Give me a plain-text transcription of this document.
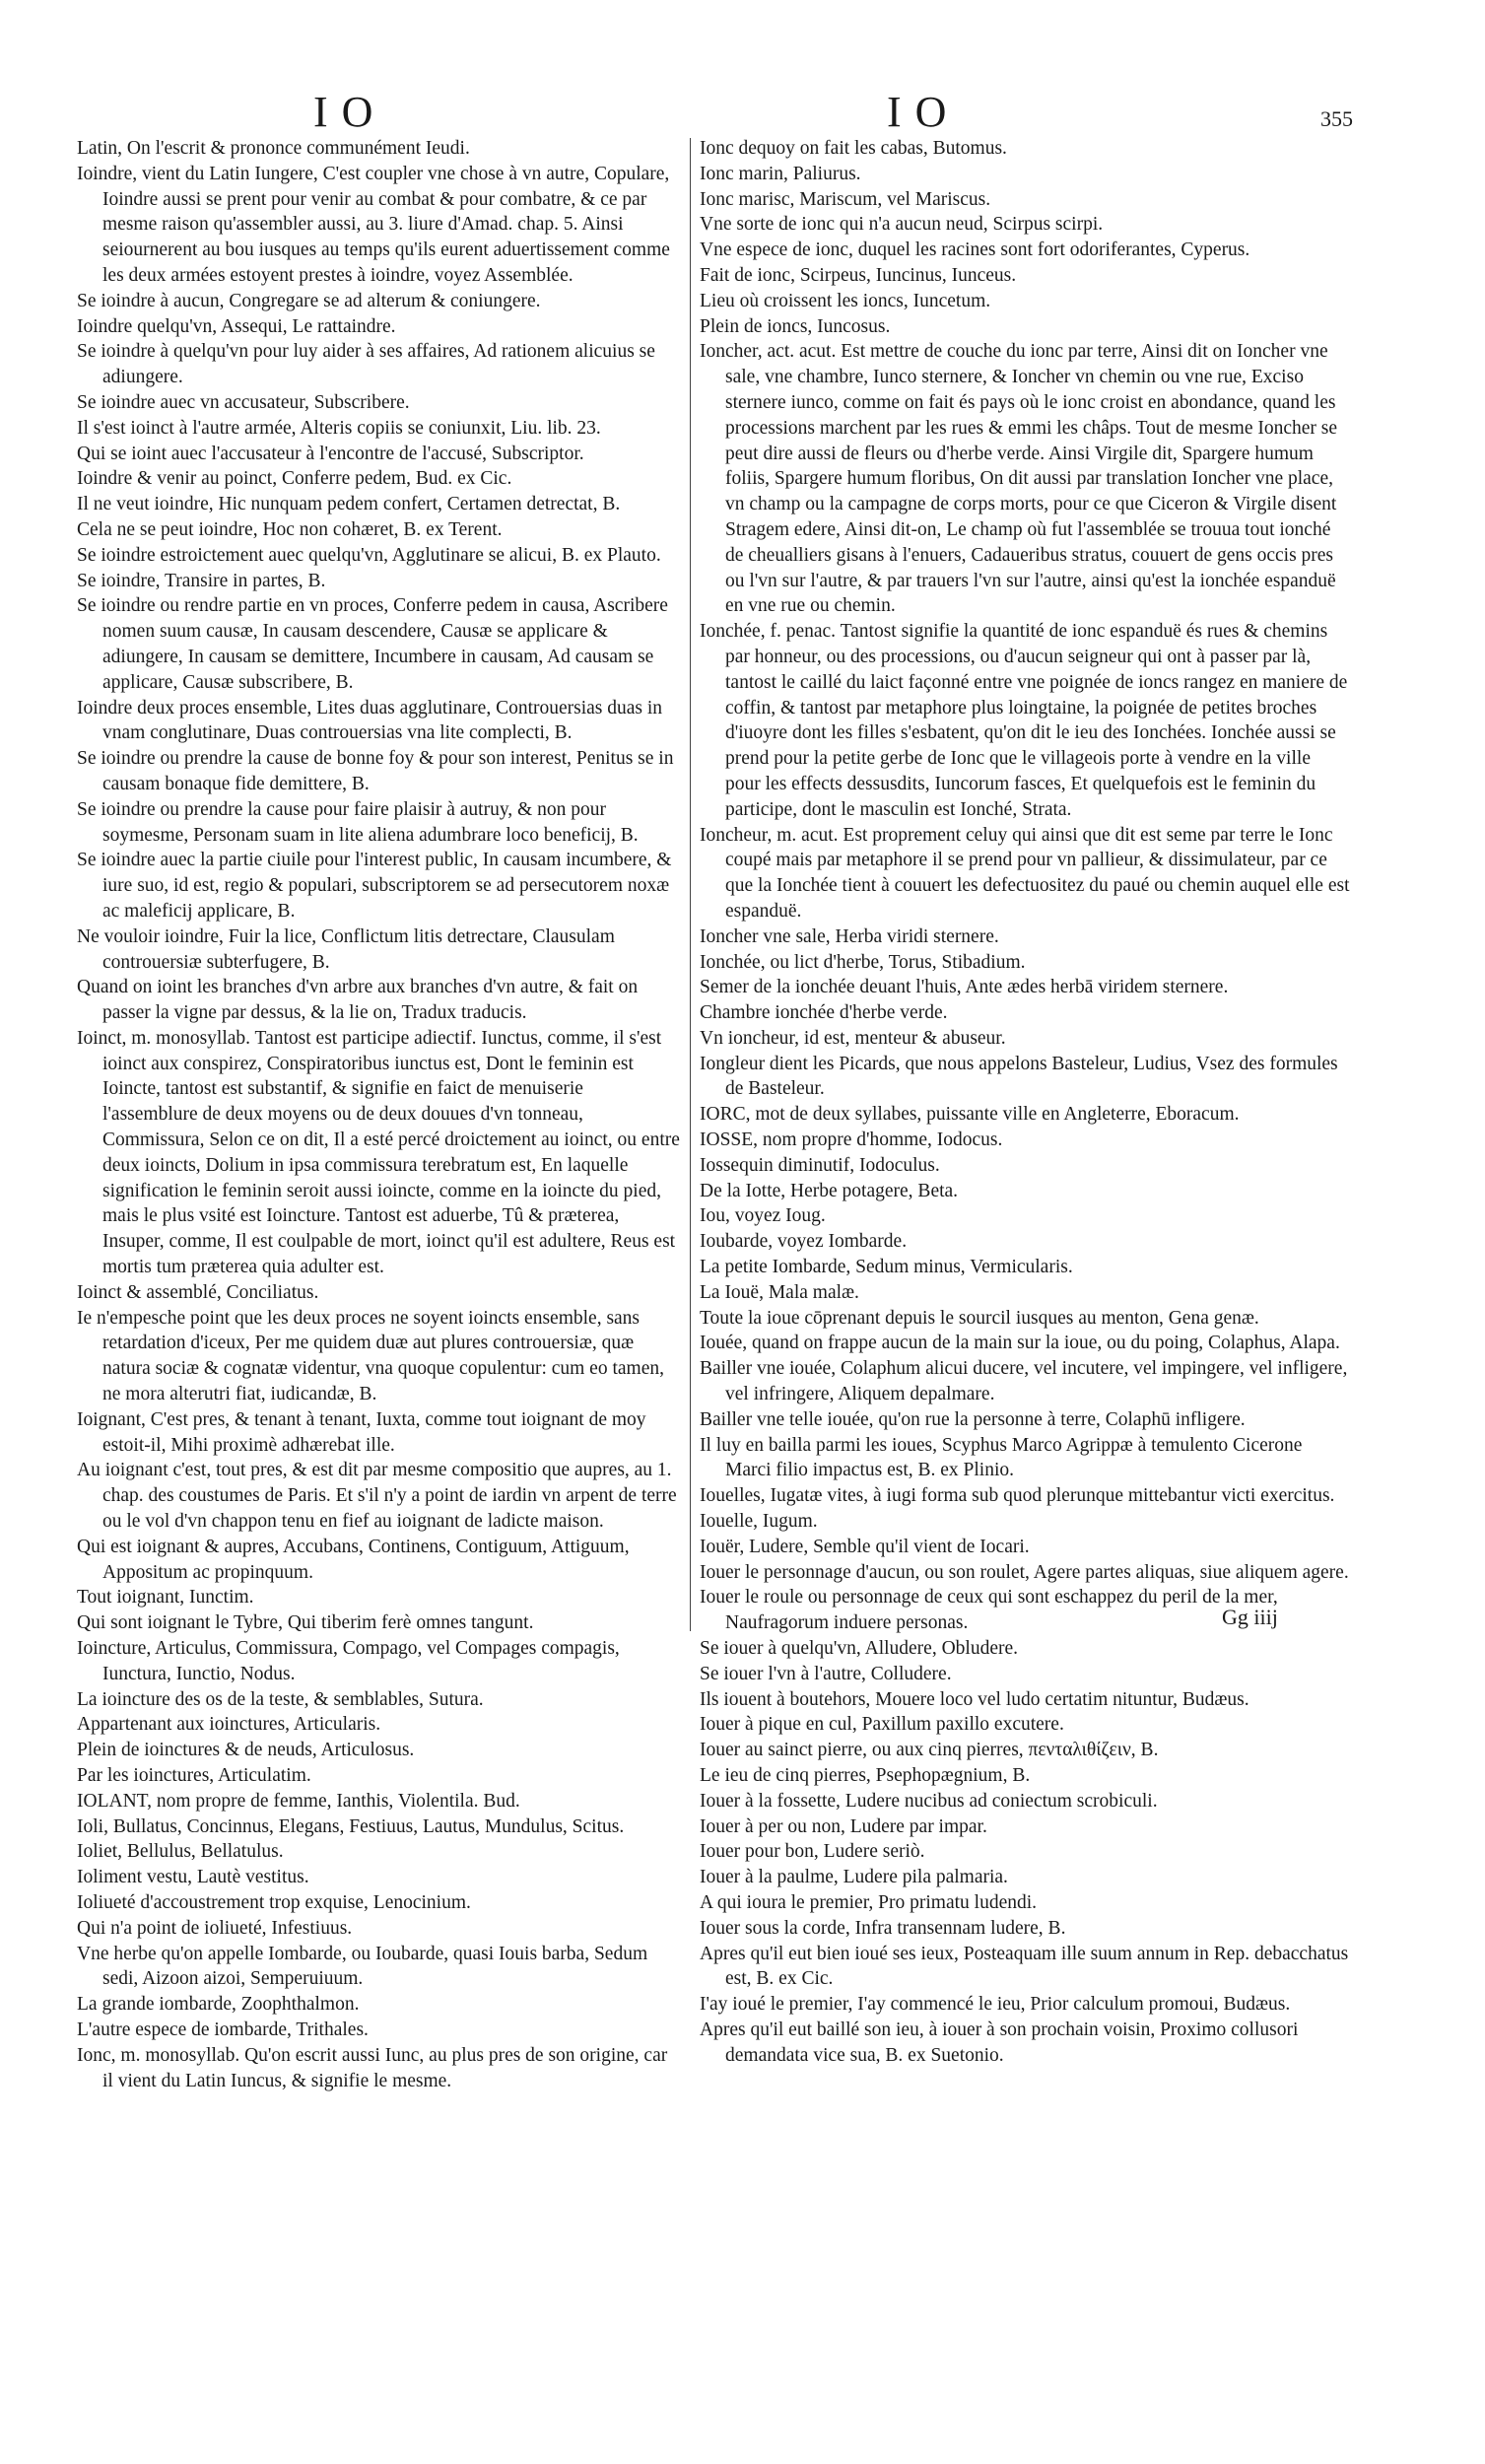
IO	IO	355

Latin, On l'escrit & prononce communément Ieudi.

Ioindre, vient du Latin Iungere, C'est coupler vne chose à vn autre, Copulare, Ioindre aussi se prent pour venir au combat & pour combatre, & ce par mesme raison qu'assembler aussi, au 3. liure d'Amad. chap. 5. Ainsi seiournerent au bou iusques au temps qu'ils eurent aduertissement comme les deux armées estoyent prestes à ioindre, voyez Assemblée.

Se ioindre à aucun, Congregare se ad alterum & coniungere.

Ioindre quelqu'vn, Assequi, Le rattaindre.

Se ioindre à quelqu'vn pour luy aider à ses affaires, Ad rationem alicuius se adiungere.

Se ioindre auec vn accusateur, Subscribere.

Il s'est ioinct à l'autre armée, Alteris copiis se coniunxit, Liu. lib. 23.

Qui se ioint auec l'accusateur à l'encontre de l'accusé, Subscriptor.

Ioindre & venir au poinct, Conferre pedem, Bud. ex Cic.

Il ne veut ioindre, Hic nunquam pedem confert, Certamen detrectat, B.

Cela ne se peut ioindre, Hoc non cohæret, B. ex Terent.

Se ioindre estroictement auec quelqu'vn, Agglutinare se alicui, B. ex Plauto.

Se ioindre, Transire in partes, B.

Se ioindre ou rendre partie en vn proces, Conferre pedem in causa, Ascribere nomen suum causæ, In causam descendere, Causæ se applicare & adiungere, In causam se demittere, Incumbere in causam, Ad causam se applicare, Causæ subscribere, B.

Ioindre deux proces ensemble, Lites duas agglutinare, Controuersias duas in vnam conglutinare, Duas controuersias vna lite complecti, B.

Se ioindre ou prendre la cause de bonne foy & pour son interest, Penitus se in causam bonaque fide demittere, B.

Se ioindre ou prendre la cause pour faire plaisir à autruy, & non pour soymesme, Personam suam in lite aliena adumbrare loco beneficij, B.

Se ioindre auec la partie ciuile pour l'interest public, In causam incumbere, & iure suo, id est, regio & populari, subscriptorem se ad persecutorem noxæ ac maleficij applicare, B.

Ne vouloir ioindre, Fuir la lice, Conflictum litis detrectare, Clausulam controuersiæ subterfugere, B.

Quand on ioint les branches d'vn arbre aux branches d'vn autre, & fait on passer la vigne par dessus, & la lie on, Tradux traducis.

Ioinct, m. monosyllab. Tantost est participe adiectif. Iunctus, comme, il s'est ioinct aux conspirez, Conspiratoribus iunctus est, Dont le feminin est Ioincte, tantost est substantif, & signifie en faict de menuiserie l'assemblure de deux moyens ou de deux douues d'vn tonneau, Commissura, Selon ce on dit, Il a esté percé droictement au ioinct, ou entre deux ioincts, Dolium in ipsa commissura terebratum est, En laquelle signification le feminin seroit aussi ioincte, comme en la ioincte du pied, mais le plus vsité est Ioincture. Tantost est aduerbe, Tû & præterea, Insuper, comme, Il est coulpable de mort, ioinct qu'il est adultere, Reus est mortis tum præterea quia adulter est.

Ioinct & assemblé, Conciliatus.

Ie n'empesche point que les deux proces ne soyent ioincts ensemble, sans retardation d'iceux, Per me quidem duæ aut plures controuersiæ, quæ natura sociæ & cognatæ videntur, vna quoque copulentur: cum eo tamen, ne mora alterutri fiat, iudicandæ, B.

Ioignant, C'est pres, & tenant à tenant, Iuxta, comme tout ioignant de moy estoit-il, Mihi proximè adhærebat ille.

Au ioignant c'est, tout pres, & est dit par mesme compositio que aupres, au 1. chap. des coustumes de Paris. Et s'il n'y a point de iardin vn arpent de terre ou le vol d'vn chappon tenu en fief au ioignant de ladicte maison.

Qui est ioignant & aupres, Accubans, Continens, Contiguum, Attiguum, Appositum ac propinquum.

Tout ioignant, Iunctim.

Qui sont ioignant le Tybre, Qui tiberim ferè omnes tangunt.

Ioincture, Articulus, Commissura, Compago, vel Compages compagis, Iunctura, Iunctio, Nodus.

La ioincture des os de la teste, & semblables, Sutura.

Appartenant aux ioinctures, Articularis.

Plein de ioinctures & de neuds, Articulosus.

Par les ioinctures, Articulatim.

IOLANT, nom propre de femme, Ianthis, Violentila. Bud.

Ioli, Bullatus, Concinnus, Elegans, Festiuus, Lautus, Mundulus, Scitus.

Ioliet, Bellulus, Bellatulus.

Ioliment vestu, Lautè vestitus.

Ioliueté d'accoustrement trop exquise, Lenocinium.

Qui n'a point de ioliueté, Infestiuus.

Vne herbe qu'on appelle Iombarde, ou Ioubarde, quasi Iouis barba, Sedum sedi, Aizoon aizoi, Semperuiuum.

La grande iombarde, Zoophthalmon.

L'autre espece de iombarde, Trithales.

Ionc, m. monosyllab. Qu'on escrit aussi Iunc, au plus pres de son origine, car il vient du Latin Iuncus, & signifie le mesme.

Ionc dequoy on fait les cabas, Butomus.

Ionc marin, Paliurus.

Ionc marisc, Mariscum, vel Mariscus.

Vne sorte de ionc qui n'a aucun neud, Scirpus scirpi.

Vne espece de ionc, duquel les racines sont fort odoriferantes, Cyperus.

Fait de ionc, Scirpeus, Iuncinus, Iunceus.

Lieu où croissent les ioncs, Iuncetum.

Plein de ioncs, Iuncosus.

Ioncher, act. acut. Est mettre de couche du ionc par terre, Ainsi dit on Ioncher vne sale, vne chambre, Iunco sternere, & Ioncher vn chemin ou vne rue, Exciso sternere iunco, comme on fait és pays où le ionc croist en abondance, quand les processions marchent par les rues & emmi les châps. Tout de mesme Ioncher se peut dire aussi de fleurs ou d'herbe verde. Ainsi Virgile dit, Spargere humum foliis, Spargere humum floribus, On dit aussi par translation Ioncher vne place, vn champ ou la campagne de corps morts, pour ce que Ciceron & Virgile disent Stragem edere, Ainsi dit-on, Le champ où fut l'assemblée se trouua tout ionché de cheualliers gisans à l'enuers, Cadaueribus stratus, couuert de gens occis pres ou l'vn sur l'autre, & par trauers l'vn sur l'autre, ainsi qu'est la ionchée espanduë en vne rue ou chemin.

Ionchée, f. penac. Tantost signifie la quantité de ionc espanduë és rues & chemins par honneur, ou des processions, ou d'aucun seigneur qui ont à passer par là, tantost le caillé du laict façonné entre vne poignée de ioncs rangez en maniere de coffin, & tantost par metaphore plus loingtaine, la poignée de petites broches d'iuoyre dont les filles s'esbatent, qu'on dit le ieu des Ionchées. Ionchée aussi se prend pour la petite gerbe de Ionc que le villageois porte à vendre en la ville pour les effects dessusdits, Iuncorum fasces, Et quelquefois est le feminin du participe, dont le masculin est Ionché, Strata.

Ioncheur, m. acut. Est proprement celuy qui ainsi que dit est seme par terre le Ionc coupé mais par metaphore il se prend pour vn pallieur, & dissimulateur, par ce que la Ionchée tient à couuert les defectuositez du paué ou chemin auquel elle est espanduë.

Ioncher vne sale, Herba viridi sternere.

Ionchée, ou lict d'herbe, Torus, Stibadium.

Semer de la ionchée deuant l'huis, Ante ædes herbā viridem sternere.

Chambre ionchée d'herbe verde.

Vn ioncheur, id est, menteur & abuseur.

Iongleur dient les Picards, que nous appelons Basteleur, Ludius, Vsez des formules de Basteleur.

IORC, mot de deux syllabes, puissante ville en Angleterre, Eboracum.

IOSSE, nom propre d'homme, Iodocus.

Iossequin diminutif, Iodoculus.

De la Iotte, Herbe potagere, Beta.

Iou, voyez Ioug.

Ioubarde, voyez Iombarde.

La petite Iombarde, Sedum minus, Vermicularis.

La Iouë, Mala malæ.

Toute la ioue cōprenant depuis le sourcil iusques au menton, Gena genæ.

Iouée, quand on frappe aucun de la main sur la ioue, ou du poing, Colaphus, Alapa.

Bailler vne iouée, Colaphum alicui ducere, vel incutere, vel impingere, vel infligere, vel infringere, Aliquem depalmare.

Bailler vne telle iouée, qu'on rue la personne à terre, Colaphū infligere.

Il luy en bailla parmi les ioues, Scyphus Marco Agrippæ à temulento Cicerone Marci filio impactus est, B. ex Plinio.

Iouelles, Iugatæ vites, à iugi forma sub quod plerunque mittebantur victi exercitus.

Iouelle, Iugum.

Iouër, Ludere, Semble qu'il vient de Iocari.

Iouer le personnage d'aucun, ou son roulet, Agere partes aliquas, siue aliquem agere.

Iouer le roule ou personnage de ceux qui sont eschappez du peril de la mer, Naufragorum induere personas.

Se iouer à quelqu'vn, Alludere, Obludere.

Se iouer l'vn à l'autre, Colludere.

Ils iouent à boutehors, Mouere loco vel ludo certatim nituntur, Budæus.

Iouer à pique en cul, Paxillum paxillo excutere.

Iouer au sainct pierre, ou aux cinq pierres, πενταλιθίζειν, B.

Le ieu de cinq pierres, Psephopægnium, B.

Iouer à la fossette, Ludere nucibus ad coniectum scrobiculi.

Iouer à per ou non, Ludere par impar.

Iouer pour bon, Ludere seriò.

Iouer à la paulme, Ludere pila palmaria.

A qui ioura le premier, Pro primatu ludendi.

Iouer sous la corde, Infra transennam ludere, B.

Apres qu'il eut bien ioué ses ieux, Posteaquam ille suum annum in Rep. debacchatus est, B. ex Cic.

I'ay ioué le premier, I'ay commencé le ieu, Prior calculum promoui, Budæus.

Apres qu'il eut baillé son ieu, à iouer à son prochain voisin, Proximo collusori demandata vice sua, B. ex Suetonio.

Gg iiij
